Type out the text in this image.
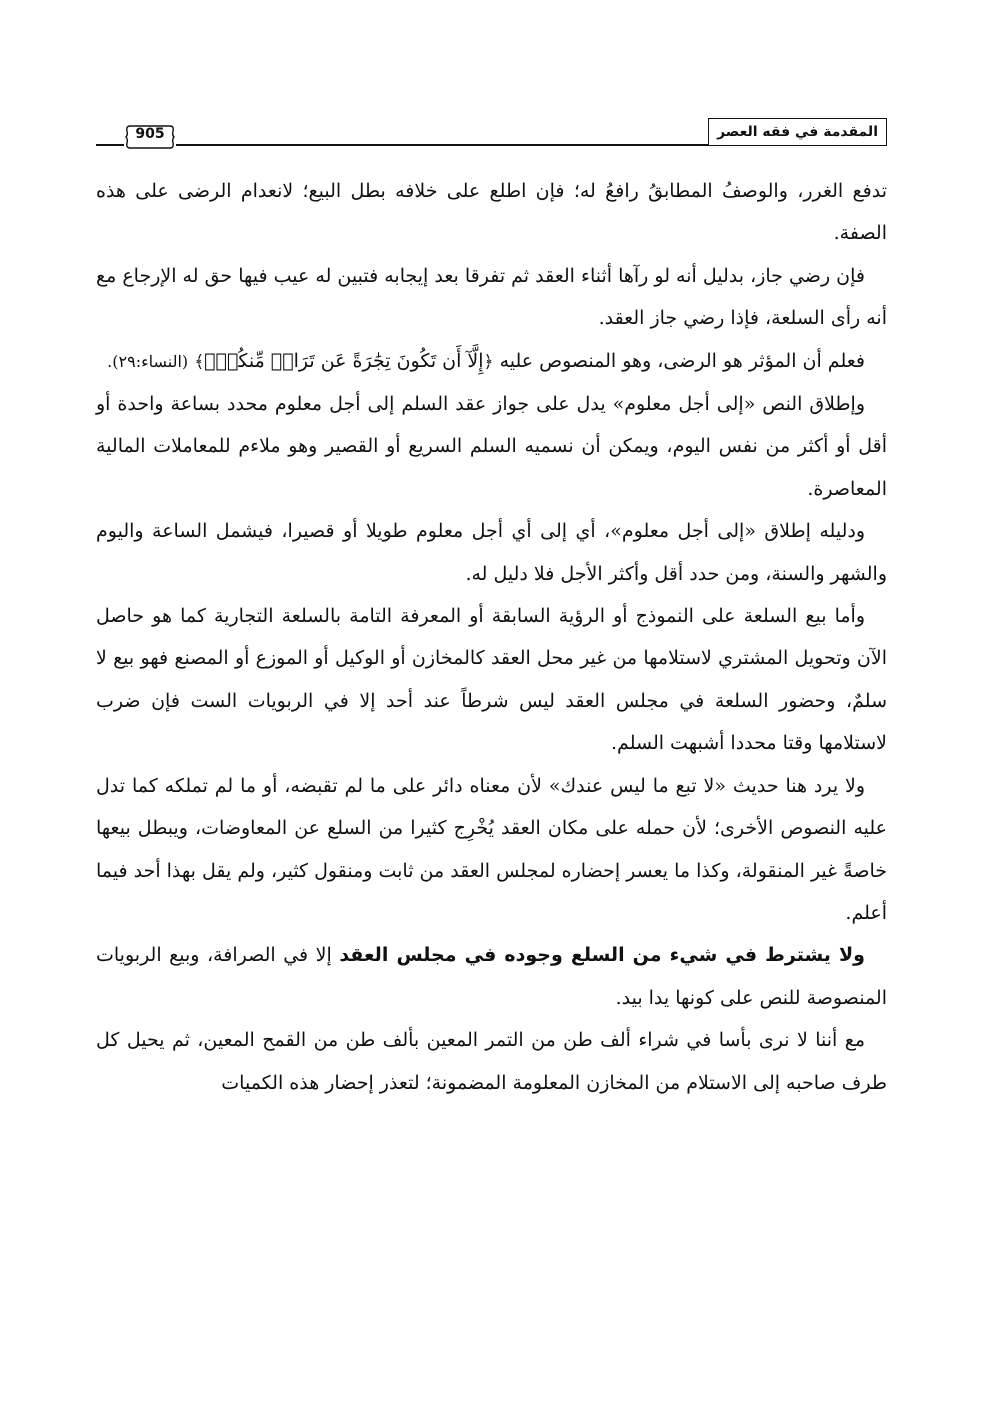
المقدمة في فقه العصر
905

تدفع الغرر، والوصفُ المطابقُ رافعُ له؛ فإن اطلع على خلافه بطل البيع؛ لانعدام الرضى على هذه الصفة.

فإن رضي جاز، بدليل أنه لو رآها أثناء العقد ثم تفرقا بعد إيجابه فتبين له عيب فيها حق له الإرجاع مع أنه رأى السلعة، فإذا رضي جاز العقد.

فعلم أن المؤثر هو الرضى، وهو المنصوص عليه ﴿إِلَّآ أَن تَكُونَ تِجَٰرَةً عَن تَرَاضٖ مِّنكُمۡۚ﴾ (النساء:٢٩).

وإطلاق النص «إلى أجل معلوم» يدل على جواز عقد السلم إلى أجل معلوم محدد بساعة واحدة أو أقل أو أكثر من نفس اليوم، ويمكن أن نسميه السلم السريع أو القصير وهو ملاءم للمعاملات المالية المعاصرة.

ودليله إطلاق «إلى أجل معلوم»، أي إلى أي أجل معلوم طويلا أو قصيرا، فيشمل الساعة واليوم والشهر والسنة، ومن حدد أقل وأكثر الأجل فلا دليل له.

وأما بيع السلعة على النموذج أو الرؤية السابقة أو المعرفة التامة بالسلعة التجارية كما هو حاصل الآن وتحويل المشتري لاستلامها من غير محل العقد كالمخازن أو الوكيل أو الموزع أو المصنع فهو بيع لا سلمٌ، وحضور السلعة في مجلس العقد ليس شرطاً عند أحد إلا في الربويات الست فإن ضرب لاستلامها وقتا محددا أشبهت السلم.

ولا يرد هنا حديث «لا تبع ما ليس عندك» لأن معناه دائر على ما لم تقبضه، أو ما لم تملكه كما تدل عليه النصوص الأخرى؛ لأن حمله على مكان العقد يُخْرِج كثيرا من السلع عن المعاوضات، ويبطل بيعها خاصةً غير المنقولة، وكذا ما يعسر إحضاره لمجلس العقد من ثابت ومنقول كثير، ولم يقل بهذا أحد فيما أعلم.

ولا يشترط في شيء من السلع وجوده في مجلس العقد إلا في الصرافة، وبيع الربويات المنصوصة للنص على كونها يدا بيد.

مع أننا لا نرى بأسا في شراء ألف طن من التمر المعين بألف طن من القمح المعين، ثم يحيل كل طرف صاحبه إلى الاستلام من المخازن المعلومة المضمونة؛ لتعذر إحضار هذه الكميات
